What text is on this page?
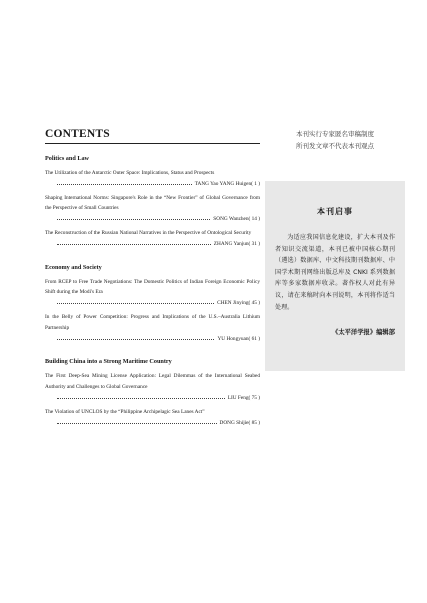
CONTENTS
Politics and Law
The Utilization of the Antarctic Outer Space: Implications, Status and Prospects
TANG Yao YANG Huigen( 1 )
Shaping International Norms: Singapore's Role in the “New Frontier” of Global Governance from the Perspective of Small Countries
SONG Wanzhen( 14 )
The Reconstruction of the Russian National Narratives in the Perspective of Ontological Security
ZHANG Yanjun( 31 )
Economy and Society
From RCEP to Free Trade Negotiations: The Domestic Politics of Indian Foreign Economic Policy Shift during the Modi's Era
CHEN Jinying( 45 )
In the Belly of Power Competition: Progress and Implications of the U.S.–Australia Lithium Partnership
YU Hongyuan( 61 )
Building China into a Strong Maritime Country
The First Deep-Sea Mining License Application: Legal Dilemmas of the International Seabed Authority and Challenges to Global Governance
LIU Feng( 75 )
The Violation of UNCLOS by the “Philippine Archipelagic Sea Lanes Act”
DONG Shijie( 85 )
本刊实行专家匿名审稿制度
所刊发文章不代表本刊观点
本刊启事
为适应我国信息化建设，扩大本刊及作者知识交流渠道，本刊已被中国核心期刊（遴选）数据库、中文科技期刊数据库、中国学术期刊网络出版总库及 CNKI 系列数据库等多家数据库收录。著作权人对此有异议，请在来稿时向本刊说明，本刊将作适当处理。
《太平洋学报》编辑部
